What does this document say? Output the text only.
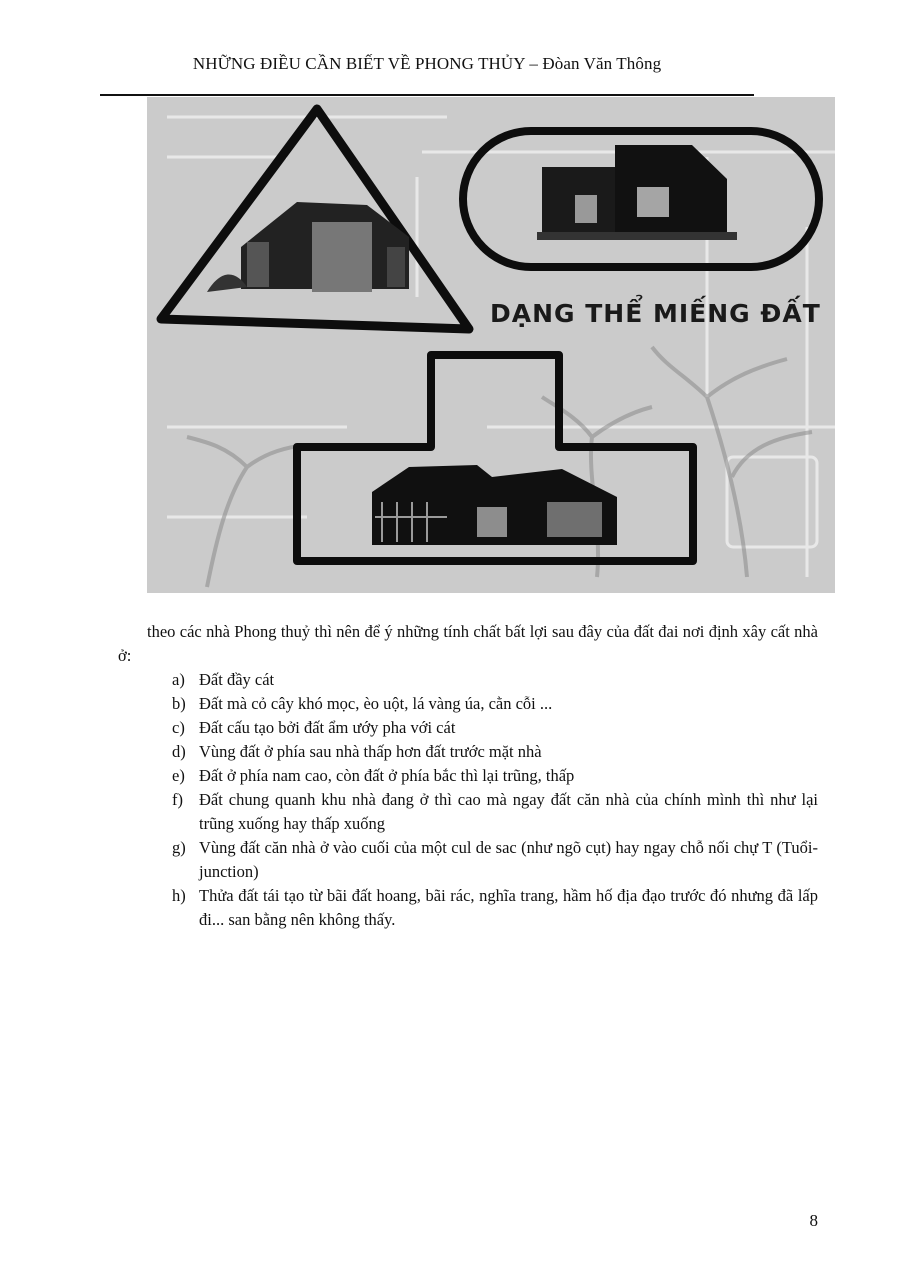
NHỮNG ĐIỀU CẦN BIẾT VỀ PHONG THỦY – Đòan Văn Thông
DẠNG THỂ MIẾNG ĐẤT

theo các nhà Phong thuỷ thì nên để ý những tính chất bất lợi sau đây của đất đai nơi định xây cất nhà ở:

a) Đất đầy cát
b) Đất mà cỏ cây khó mọc, èo uột, lá vàng úa, cằn cỗi ...
c) Đất cấu tạo bởi đất ẩm ướy pha với cát
d) Vùng đất ở phía sau nhà thấp hơn đất trước mặt nhà
e) Đất ở phía nam cao, còn đất ở phía bắc thì lại trũng, thấp
f) Đất chung quanh khu nhà đang ở thì cao mà ngay đất căn nhà của chính mình thì như lại trũng xuống hay thấp xuống
g) Vùng đất căn nhà ở vào cuối của một cul de sac (như ngõ cụt) hay ngay chỗ nối chự T (Tuổi-junction)
h) Thửa đất tái tạo từ bãi đất hoang, bãi rác, nghĩa trang, hầm hố địa đạo trước đó nhưng đã lấp đi... san bằng nên không thấy.
8
